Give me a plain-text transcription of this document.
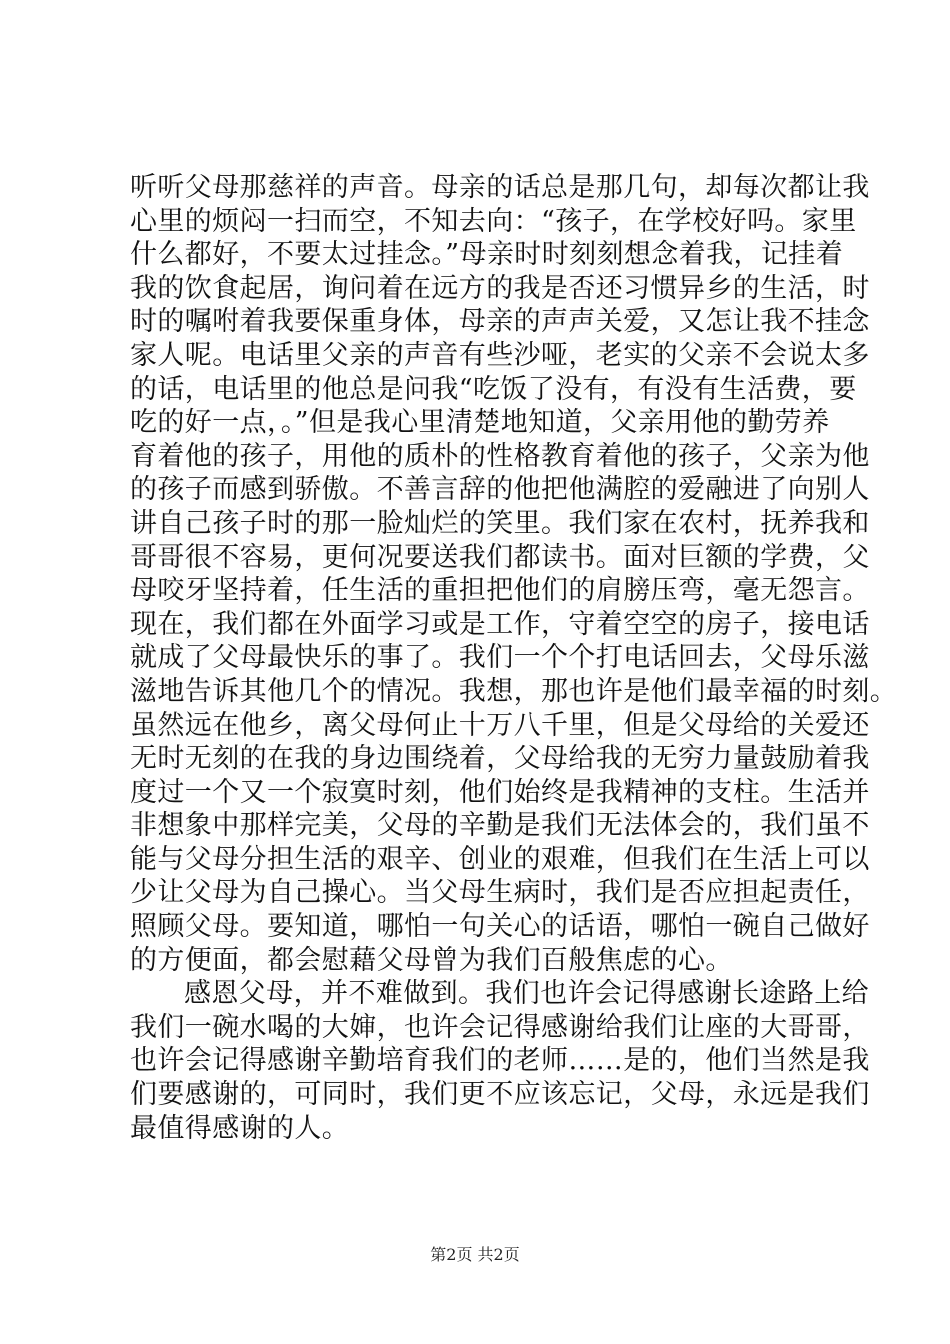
听听父母那慈祥的声音。母亲的话总是那几句，却每次都让我
心里的烦闷一扫而空，不知去向：“孩子，在学校好吗。家里
什么都好，不要太过挂念。”母亲时时刻刻想念着我，记挂着
我的饮食起居，询问着在远方的我是否还习惯异乡的生活，时
时的嘱咐着我要保重身体，母亲的声声关爱，又怎让我不挂念
家人呢。电话里父亲的声音有些沙哑，老实的父亲不会说太多
的话，电话里的他总是问我“吃饭了没有，有没有生活费，要
吃的好一点，。”但是我心里清楚地知道，父亲用他的勤劳养
育着他的孩子，用他的质朴的性格教育着他的孩子，父亲为他
的孩子而感到骄傲。不善言辞的他把他满腔的爱融进了向别人
讲自己孩子时的那一脸灿烂的笑里。我们家在农村，抚养我和
哥哥很不容易，更何况要送我们都读书。面对巨额的学费，父
母咬牙坚持着，任生活的重担把他们的肩膀压弯，毫无怨言。
现在，我们都在外面学习或是工作，守着空空的房子，接电话
就成了父母最快乐的事了。我们一个个打电话回去，父母乐滋
滋地告诉其他几个的情况。我想，那也许是他们最幸福的时刻。
虽然远在他乡，离父母何止十万八千里，但是父母给的关爱还
无时无刻的在我的身边围绕着，父母给我的无穷力量鼓励着我
度过一个又一个寂寞时刻，他们始终是我精神的支柱。生活并
非想象中那样完美，父母的辛勤是我们无法体会的，我们虽不
能与父母分担生活的艰辛、创业的艰难，但我们在生活上可以
少让父母为自己操心。当父母生病时，我们是否应担起责任，
照顾父母。要知道，哪怕一句关心的话语，哪怕一碗自己做好
的方便面，都会慰藉父母曾为我们百般焦虑的心。
感恩父母，并不难做到。我们也许会记得感谢长途路上给
我们一碗水喝的大婶，也许会记得感谢给我们让座的大哥哥，
也许会记得感谢辛勤培育我们的老师……是的，他们当然是我
们要感谢的，可同时，我们更不应该忘记，父母，永远是我们
最值得感谢的人。
第2页 共2页
